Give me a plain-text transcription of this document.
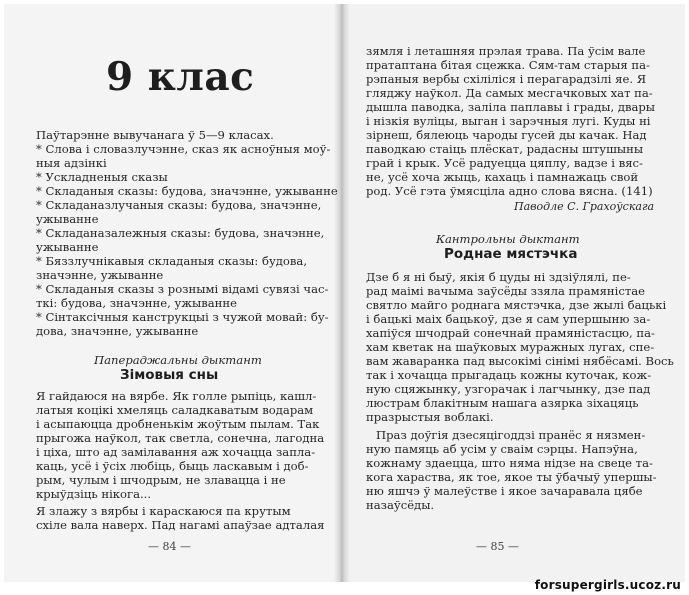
9 клас
Паўтарэнне вывучанага ў 5—9 класах.
* Слова і словазлучэнне, сказ як асноўныя моў-
ныя адзінкі
* Ускладненыя сказы
* Складаныя сказы: будова, значэнне, ужыванне
* Складаназлучаныя сказы: будова, значэнне,
ужыванне
* Складаназалежныя сказы: будова, значэнне,
ужыванне
* Бяззлучнікавыя складаныя сказы: будова,
значэнне, ужыванне
* Складаныя сказы з рознымі відамі сувязі час-
ткі: будова, значэнне, ужыванне
* Сінтаксічныя канструкцыі з чужой мовай: бу-
дова, значэнне, ужыванне
Папераджальны дыктант
Зімовыя сны
Я гайдаюся на вярбе. Як голле рыпіць, кашл-
латыя коцікі хмеляць саладкаватым водарам
і асыпаюцца дробненькім жоўтым пылам. Так
прыгожа наўкол, так светла, сонечна, лагодна
і ціха, што ад замілавання аж хочацца запла-
каць, усё і ўсіх любіць, быць ласкавым і доб-
рым, чулым і шчодрым, не злавацца і не
крыўдзіць нікога...
Я злажу з вярбы і караскаюся па крутым
схіле вала наверх. Пад нагамі апаўзае адталая
— 84 —
зямля і леташняя прэлая трава. Па ўсім вале
пратаптана бітая сцежка. Сям-там старыя па-
рэпаныя вербы схіліліся і перагарадзілі яе. Я
гляджу наўкол. Да самых месгачковых хат па-
дышла паводка, заліла паплавы і грады, двары
і нізкія вуліцы, выган і зарэчныя лугі. Куды ні
зірнеш, бялеюць чароды гусей ды качак. Над
паводкаю стаіць плёскат, радасны штушыны
грай і крык. Усё радуецца цяплу, вадзе і вяс-
не, усё хоча жыць, кахаць і памнажаць свой
род. Усё гэта ўмясціла адно слова вясна. (141)
Паводле С. Грахоўскага
Кантрольны дыктант
Роднае мястэчка
Дзе б я ні быў, якія б цуды ні здзіўлялі, пе-
рад маімі вачыма заўсёды ззяла прамяністае
святло майго роднага мястэчка, дзе жылі бацькі
і бацькі маіх бацькоў, дзе я сам упершыню за-
хапіўся шчодрай сонечнай прамяністасцю, па-
хам кветак на шаўковых муражных лугах, спе-
вам жаваранка пад высокімі сінімі нябёсамі. Вось
так і хочацца прыгадаць кожны куточак, кож-
ную сцяжынку, узгорачак і лагчынку, дзе пад
люстрам блакітным нашага азярка зіхацяць
празрыстыя воблакі.
Праз доўгія дзесяцігоддзі пранёс я нязмен-
ную памяць аб усім у сваім сэрцы. Напэўна,
кожнаму здаецца, што няма нідзе на свеце та-
кога хараства, як тое, якое ты ўбачыў упершы-
ню яшчэ ў малеўстве і якое зачаравала цябе
назаўсёды.
— 85 —
forsupergirls.ucoz.ru
